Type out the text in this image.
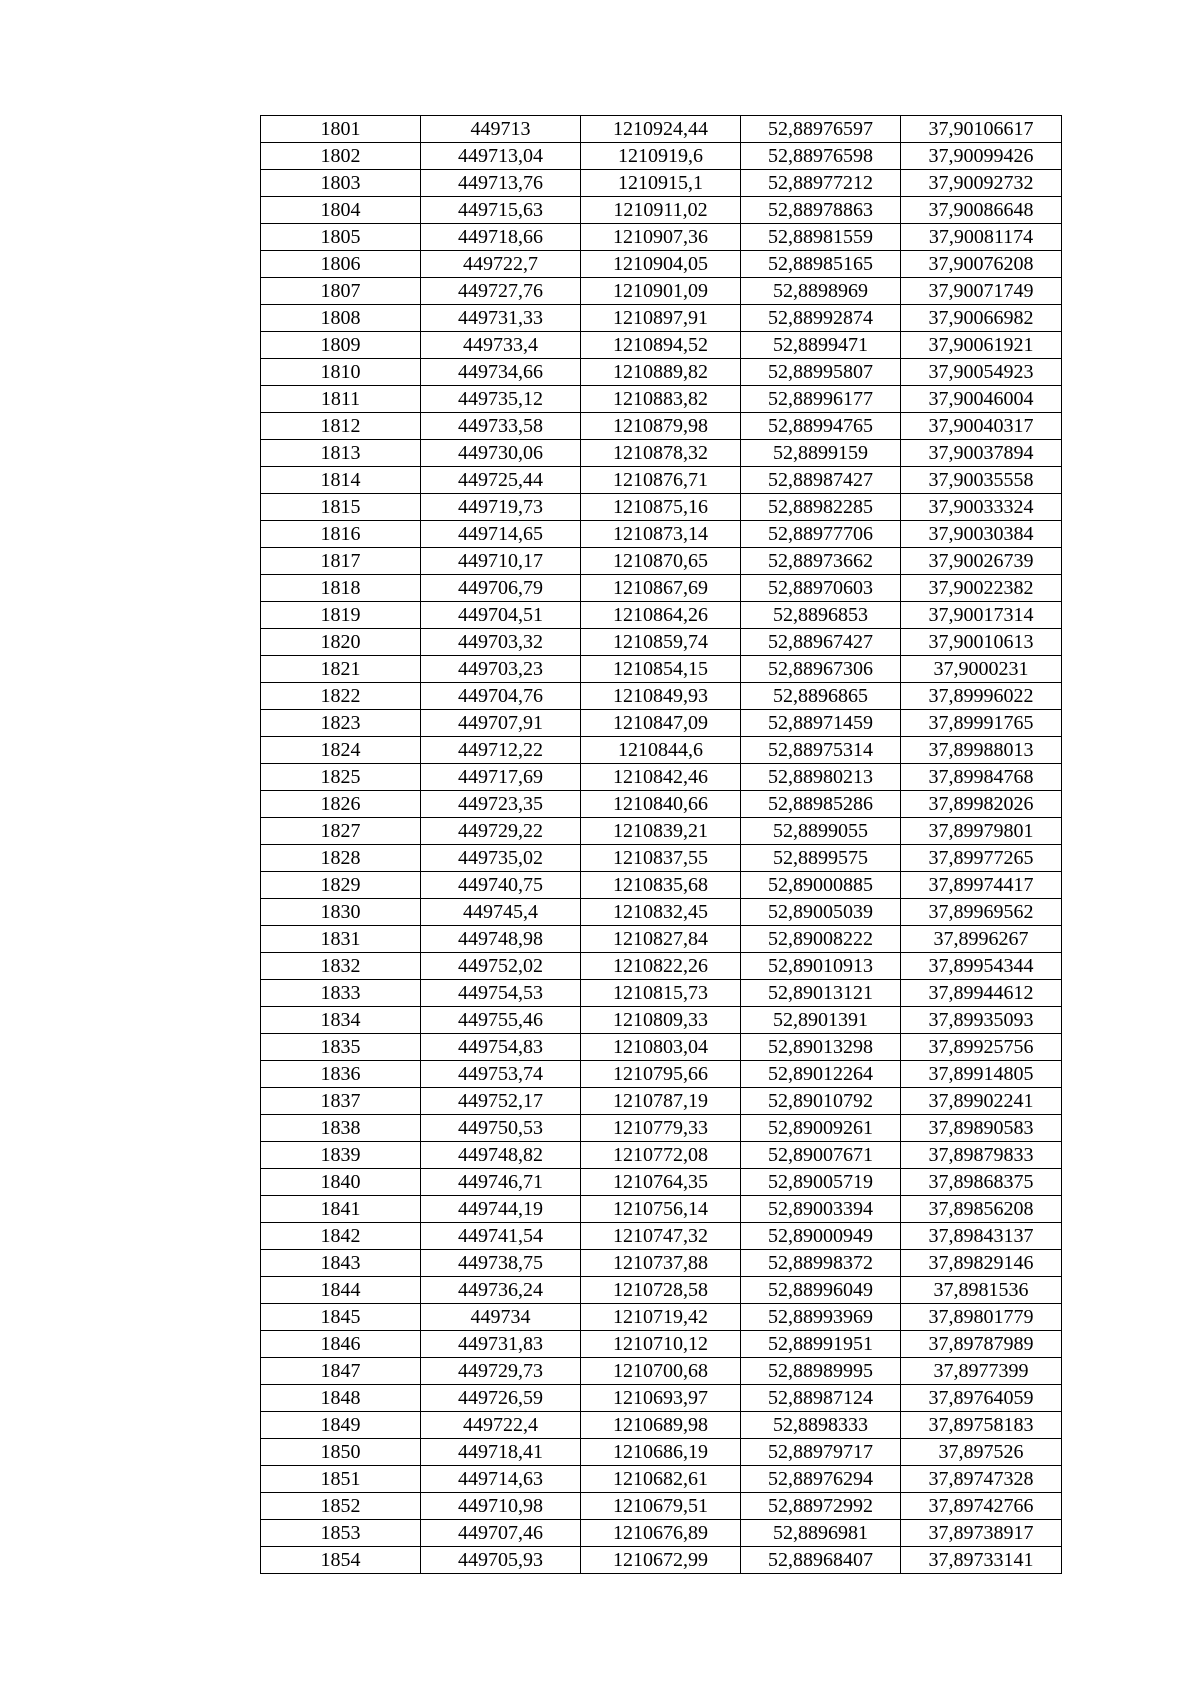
1801	449713	1210924,44	52,88976597	37,90106617
1802	449713,04	1210919,6	52,88976598	37,90099426
1803	449713,76	1210915,1	52,88977212	37,90092732
1804	449715,63	1210911,02	52,88978863	37,90086648
1805	449718,66	1210907,36	52,88981559	37,90081174
1806	449722,7	1210904,05	52,88985165	37,90076208
1807	449727,76	1210901,09	52,8898969	37,90071749
1808	449731,33	1210897,91	52,88992874	37,90066982
1809	449733,4	1210894,52	52,8899471	37,90061921
1810	449734,66	1210889,82	52,88995807	37,90054923
1811	449735,12	1210883,82	52,88996177	37,90046004
1812	449733,58	1210879,98	52,88994765	37,90040317
1813	449730,06	1210878,32	52,8899159	37,90037894
1814	449725,44	1210876,71	52,88987427	37,90035558
1815	449719,73	1210875,16	52,88982285	37,90033324
1816	449714,65	1210873,14	52,88977706	37,90030384
1817	449710,17	1210870,65	52,88973662	37,90026739
1818	449706,79	1210867,69	52,88970603	37,90022382
1819	449704,51	1210864,26	52,8896853	37,90017314
1820	449703,32	1210859,74	52,88967427	37,90010613
1821	449703,23	1210854,15	52,88967306	37,9000231
1822	449704,76	1210849,93	52,8896865	37,89996022
1823	449707,91	1210847,09	52,88971459	37,89991765
1824	449712,22	1210844,6	52,88975314	37,89988013
1825	449717,69	1210842,46	52,88980213	37,89984768
1826	449723,35	1210840,66	52,88985286	37,89982026
1827	449729,22	1210839,21	52,8899055	37,89979801
1828	449735,02	1210837,55	52,8899575	37,89977265
1829	449740,75	1210835,68	52,89000885	37,89974417
1830	449745,4	1210832,45	52,89005039	37,89969562
1831	449748,98	1210827,84	52,89008222	37,8996267
1832	449752,02	1210822,26	52,89010913	37,89954344
1833	449754,53	1210815,73	52,89013121	37,89944612
1834	449755,46	1210809,33	52,8901391	37,89935093
1835	449754,83	1210803,04	52,89013298	37,89925756
1836	449753,74	1210795,66	52,89012264	37,89914805
1837	449752,17	1210787,19	52,89010792	37,89902241
1838	449750,53	1210779,33	52,89009261	37,89890583
1839	449748,82	1210772,08	52,89007671	37,89879833
1840	449746,71	1210764,35	52,89005719	37,89868375
1841	449744,19	1210756,14	52,89003394	37,89856208
1842	449741,54	1210747,32	52,89000949	37,89843137
1843	449738,75	1210737,88	52,88998372	37,89829146
1844	449736,24	1210728,58	52,88996049	37,8981536
1845	449734	1210719,42	52,88993969	37,89801779
1846	449731,83	1210710,12	52,88991951	37,89787989
1847	449729,73	1210700,68	52,88989995	37,8977399
1848	449726,59	1210693,97	52,88987124	37,89764059
1849	449722,4	1210689,98	52,8898333	37,89758183
1850	449718,41	1210686,19	52,88979717	37,897526
1851	449714,63	1210682,61	52,88976294	37,89747328
1852	449710,98	1210679,51	52,88972992	37,89742766
1853	449707,46	1210676,89	52,8896981	37,89738917
1854	449705,93	1210672,99	52,88968407	37,89733141
